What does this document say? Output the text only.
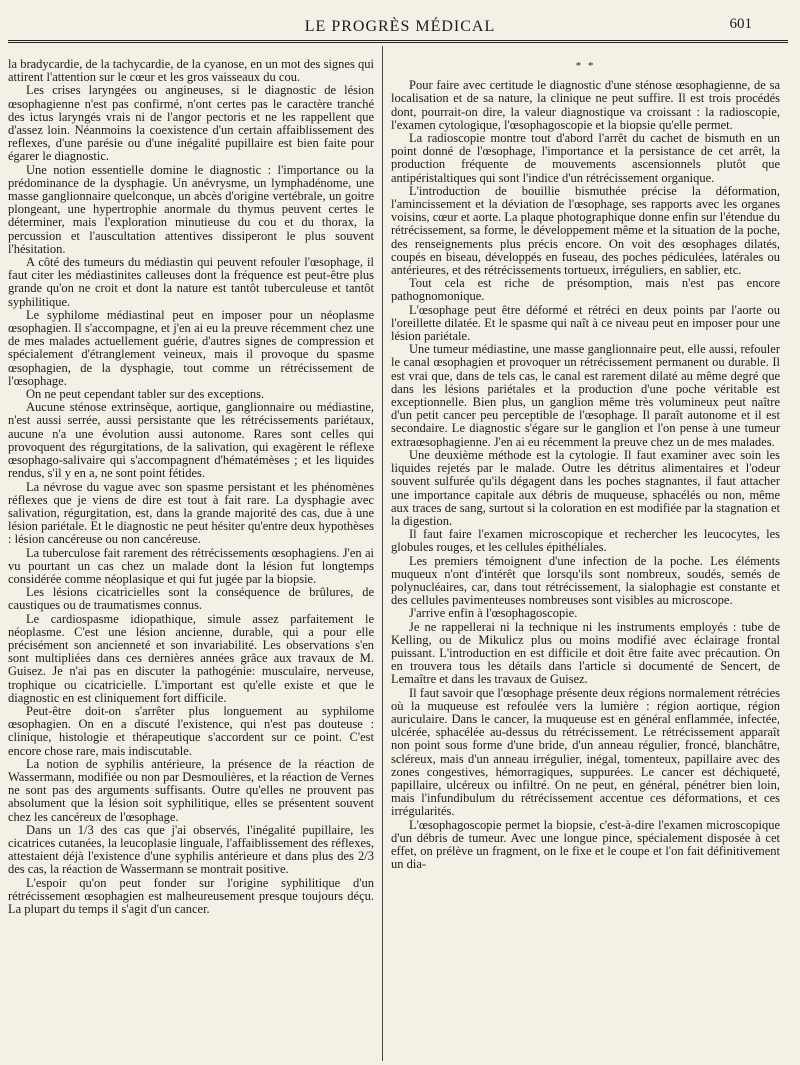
LE PROGRÈS MÉDICAL	601

la bradycardie, de la tachycardie, de la cyanose, en un mot des signes qui attirent l'attention sur le cœur et les gros vaisseaux du cou.

Les crises laryngées ou angineuses, si le diagnostic de lésion œsophagienne n'est pas confirmé, n'ont certes pas le caractère tranché des ictus laryngés vrais ni de l'angor pectoris et ne les rappellent que d'assez loin. Néanmoins la coexistence d'un certain affaiblissement des reflexes, d'une parésie ou d'une inégalité pupillaire est bien faite pour égarer le diagnostic.

Une notion essentielle domine le diagnostic : l'importance ou la prédominance de la dysphagie. Un anévrysme, un lymphadénome, une masse ganglionnaire quelconque, un abcès d'origine vertébrale, un goitre plongeant, une hypertrophie anormale du thymus peuvent certes le déterminer, mais l'exploration minutieuse du cou et du thorax, la percussion et l'auscultation attentives dissiperont le plus souvent l'hésitation.

A côté des tumeurs du médiastin qui peuvent refouler l'œsophage, il faut citer les médiastinites calleuses dont la fréquence est peut-être plus grande qu'on ne croit et dont la nature est tantôt tuberculeuse et tantôt syphilitique.

Le syphilome médiastinal peut en imposer pour un néoplasme œsophagien. Il s'accompagne, et j'en ai eu la preuve récemment chez une de mes malades actuellement guérie, d'autres signes de compression et spécialement d'étranglement veineux, mais il provoque du spasme œsophagien, de la dysphagie, tout comme un rétrécissement de l'œsophage.

On ne peut cependant tabler sur des exceptions.

Aucune sténose extrinsèque, aortique, ganglionnaire ou médiastine, n'est aussi serrée, aussi persistante que les rétrécissements pariétaux, aucune n'a une évolution aussi autonome. Rares sont celles qui provoquent des régurgitations, de la salivation, qui exagèrent le réflexe œsophago-salivaire qui s'accompagnent d'hématémèses ; et les liquides rendus, s'il y en a, ne sont point fétides.

La névrose du vague avec son spasme persistant et les phénomènes réflexes que je viens de dire est tout à fait rare. La dysphagie avec salivation, régurgitation, est, dans la grande majorité des cas, due à une lésion pariétale. Et le diagnostic ne peut hésiter qu'entre deux hypothèses : lésion cancéreuse ou non cancéreuse.

La tuberculose fait rarement des rétrécissements œsophagiens. J'en ai vu pourtant un cas chez un malade dont la lésion fut longtemps considérée comme néoplasique et qui fut jugée par la biopsie.

Les lésions cicatricielles sont la conséquence de brûlures, de caustiques ou de traumatismes connus.

Le cardiospasme idiopathique, simule assez parfaitement le néoplasme. C'est une lésion ancienne, durable, qui a pour elle précisément son ancienneté et son invariabilité. Les observations s'en sont multipliées dans ces dernières années grâce aux travaux de M. Guisez. Je n'ai pas en discuter la pathogénie: musculaire, nerveuse, trophique ou cicatricielle. L'important est qu'elle existe et que le diagnostic en est cliniquement fort difficile.

Peut-être doit-on s'arrêter plus longuement au syphilome œsophagien. On en a discuté l'existence, qui n'est pas douteuse : clinique, histologie et thérapeutique s'accordent sur ce point. C'est encore chose rare, mais indiscutable.

La notion de syphilis antérieure, la présence de la réaction de Wassermann, modifiée ou non par Desmoulières, et la réaction de Vernes ne sont pas des arguments suffisants. Outre qu'elles ne prouvent pas absolument que la lésion soit syphilitique, elles se présentent souvent chez les cancéreux de l'œsophage.

Dans un 1/3 des cas que j'ai observés, l'inégalité pupillaire, les cicatrices cutanées, la leucoplasie linguale, l'affaiblissement des réflexes, attestaient déjà l'existence d'une syphilis antérieure et dans plus des 2/3 des cas, la réaction de Wassermann se montrait positive.

L'espoir qu'on peut fonder sur l'origine syphilitique d'un rétrécissement œsophagien est malheureusement presque toujours déçu. La plupart du temps il s'agit d'un cancer.

* *

Pour faire avec certitude le diagnostic d'une sténose œsophagienne, de sa localisation et de sa nature, la clinique ne peut suffire. Il est trois procédés dont, pourrait-on dire, la valeur diagnostique va croissant : la radioscopie, l'examen cytologique, l'œsophagoscopie et la biopsie qu'elle permet.

La radioscopie montre tout d'abord l'arrêt du cachet de bismuth en un point donné de l'œsophage, l'importance et la persistance de cet arrêt, la production fréquente de mouvements ascensionnels plutôt que antipéristaltiques qui sont l'indice d'un rétrécissement organique.

L'introduction de bouillie bismuthée précise la déformation, l'amincissement et la déviation de l'œsophage, ses rapports avec les organes voisins, cœur et aorte. La plaque photographique donne enfin sur l'étendue du rétrécissement, sa forme, le développement même et la situation de la poche, des renseignements plus précis encore. On voit des œsophages dilatés, coupés en biseau, développés en fuseau, des poches pédiculées, latérales ou antérieures, et des rétrécissements tortueux, irréguliers, en sablier, etc.

Tout cela est riche de présomption, mais n'est pas encore pathognomonique.

L'œsophage peut être déformé et rétréci en deux points par l'aorte ou l'oreillette dilatée. Et le spasme qui naît à ce niveau peut en imposer pour une lésion pariétale.

Une tumeur médiastine, une masse ganglionnaire peut, elle aussi, refouler le canal œsophagien et provoquer un rétrécissement permanent ou durable. Il est vrai que, dans de tels cas, le canal est rarement dilaté au même degré que dans les lésions pariétales et la production d'une poche véritable est exceptionnelle. Bien plus, un ganglion même très volumineux peut naître d'un petit cancer peu perceptible de l'œsophage. Il paraît autonome et il est secondaire. Le diagnostic s'égare sur le ganglion et l'on pense à une tumeur extraœsophagienne. J'en ai eu récemment la preuve chez un de mes malades.

Une deuxième méthode est la cytologie. Il faut examiner avec soin les liquides rejetés par le malade. Outre les détritus alimentaires et l'odeur souvent sulfurée qu'ils dégagent dans les poches stagnantes, il faut attacher une importance capitale aux débris de muqueuse, sphacélés ou non, même aux traces de sang, surtout si la coloration en est modifiée par la stagnation et la digestion.

Il faut faire l'examen microscopique et rechercher les leucocytes, les globules rouges, et les cellules épithéliales.

Les premiers témoignent d'une infection de la poche. Les éléments muqueux n'ont d'intérêt que lorsqu'ils sont nombreux, soudés, semés de polynucléaires, car, dans tout rétrécissement, la sialophagie est constante et des cellules pavimenteuses nombreuses sont visibles au microscope.

J'arrive enfin à l'œsophagoscopie.

Je ne rappellerai ni la technique ni les instruments employés : tube de Kelling, ou de Mikulicz plus ou moins modifié avec éclairage frontal puissant. L'introduction en est difficile et doit être faite avec précaution. On en trouvera tous les détails dans l'article si documenté de Sencert, de Lemaître et dans les travaux de Guisez.

Il faut savoir que l'œsophage présente deux régions normalement rétrécies où la muqueuse est refoulée vers la lumière : région aortique, région auriculaire. Dans le cancer, la muqueuse est en général enflammée, infectée, ulcérée, sphacélée au-dessus du rétrécissement. Le rétrécissement apparaît non point sous forme d'une bride, d'un anneau régulier, froncé, blanchâtre, scléreux, mais d'un anneau irrégulier, inégal, tomenteux, papillaire avec des zones congestives, hémorragiques, suppurées. Le cancer est déchiqueté, papillaire, ulcéreux ou infiltré. On ne peut, en général, pénétrer bien loin, mais l'infundibulum du rétrécissement accentue ces déformations, et ces irrégularités.

L'œsophagoscopie permet la biopsie, c'est-à-dire l'examen microscopique d'un débris de tumeur. Avec une longue pince, spécialement disposée à cet effet, on prélève un fragment, on le fixe et le coupe et l'on fait définitivement un dia-
